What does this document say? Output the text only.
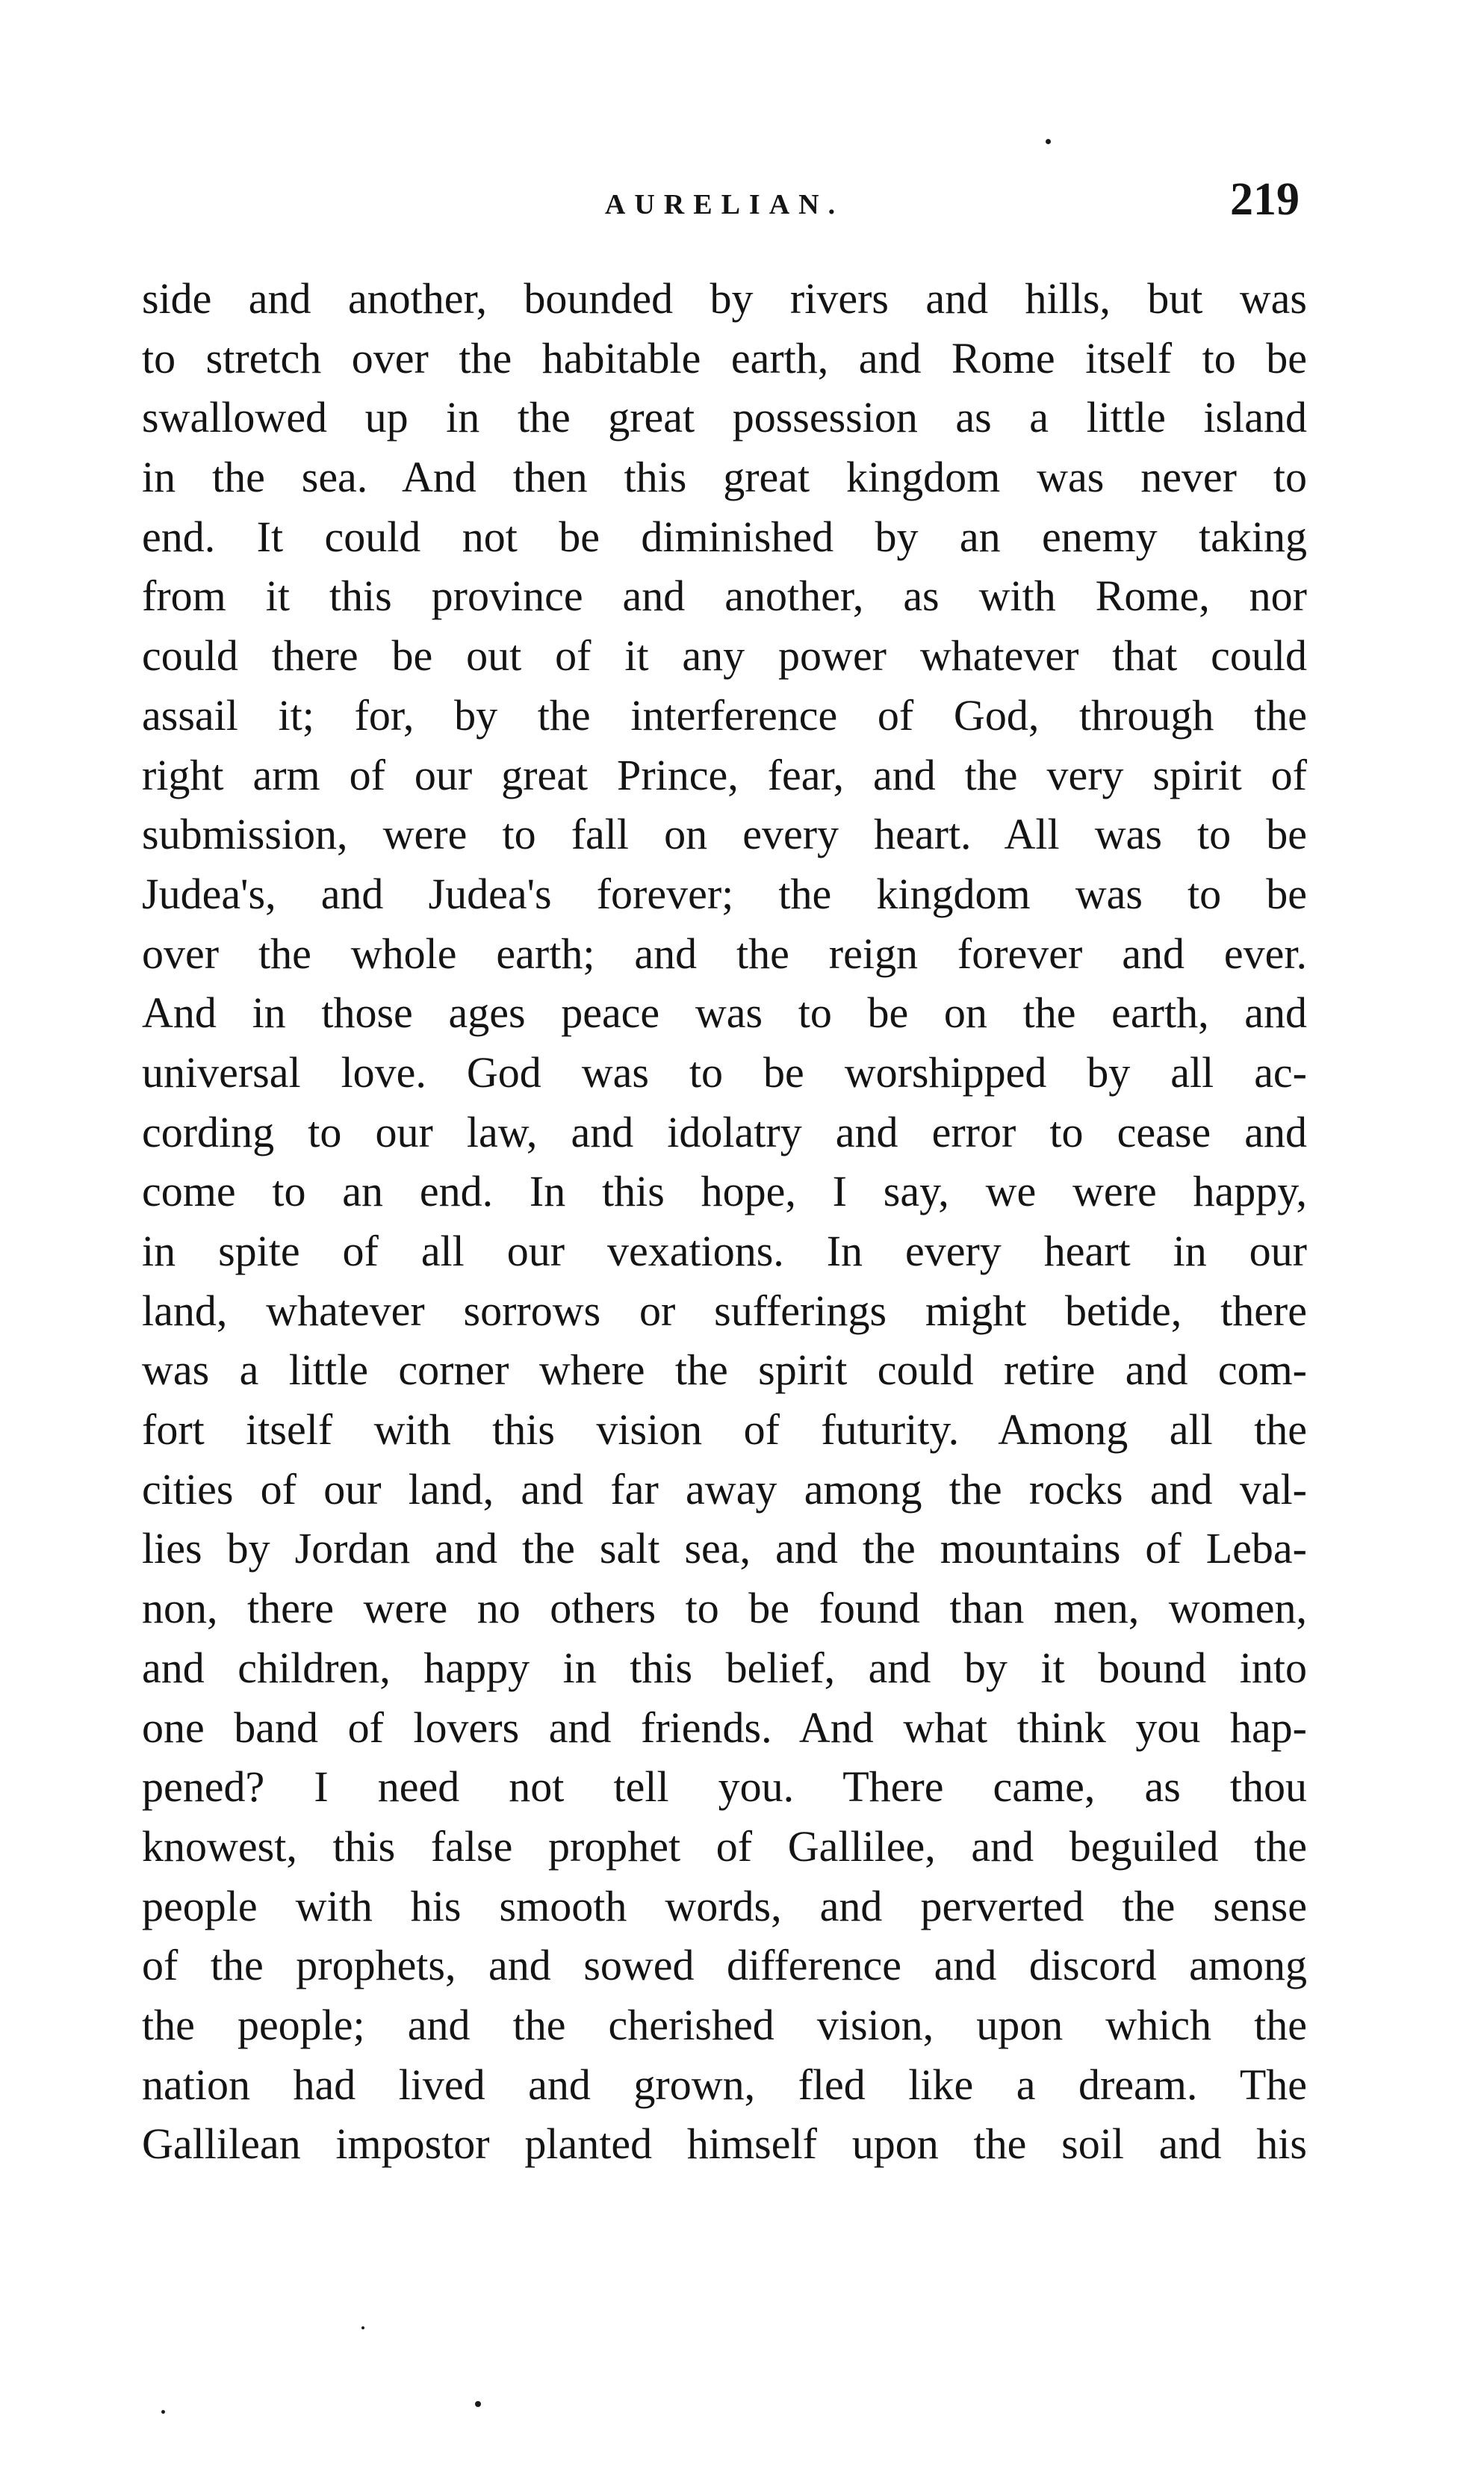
AURELIAN.	219
side and another, bounded by rivers and hills, but was
to stretch over the habitable earth, and Rome itself to be
swallowed up in the great possession as a little island
in the sea. And then this great kingdom was never to
end. It could not be diminished by an enemy taking
from it this province and another, as with Rome, nor
could there be out of it any power whatever that could
assail it; for, by the interference of God, through the
right arm of our great Prince, fear, and the very spirit of
submission, were to fall on every heart. All was to be
Judea's, and Judea's forever; the kingdom was to be
over the whole earth; and the reign forever and ever.
And in those ages peace was to be on the earth, and
universal love. God was to be worshipped by all ac-
cording to our law, and idolatry and error to cease and
come to an end. In this hope, I say, we were happy,
in spite of all our vexations. In every heart in our
land, whatever sorrows or sufferings might betide, there
was a little corner where the spirit could retire and com-
fort itself with this vision of futurity. Among all the
cities of our land, and far away among the rocks and val-
lies by Jordan and the salt sea, and the mountains of Leba-
non, there were no others to be found than men, women,
and children, happy in this belief, and by it bound into
one band of lovers and friends. And what think you hap-
pened? I need not tell you. There came, as thou
knowest, this false prophet of Gallilee, and beguiled the
people with his smooth words, and perverted the sense
of the prophets, and sowed difference and discord among
the people; and the cherished vision, upon which the
nation had lived and grown, fled like a dream. The
Gallilean impostor planted himself upon the soil and his
